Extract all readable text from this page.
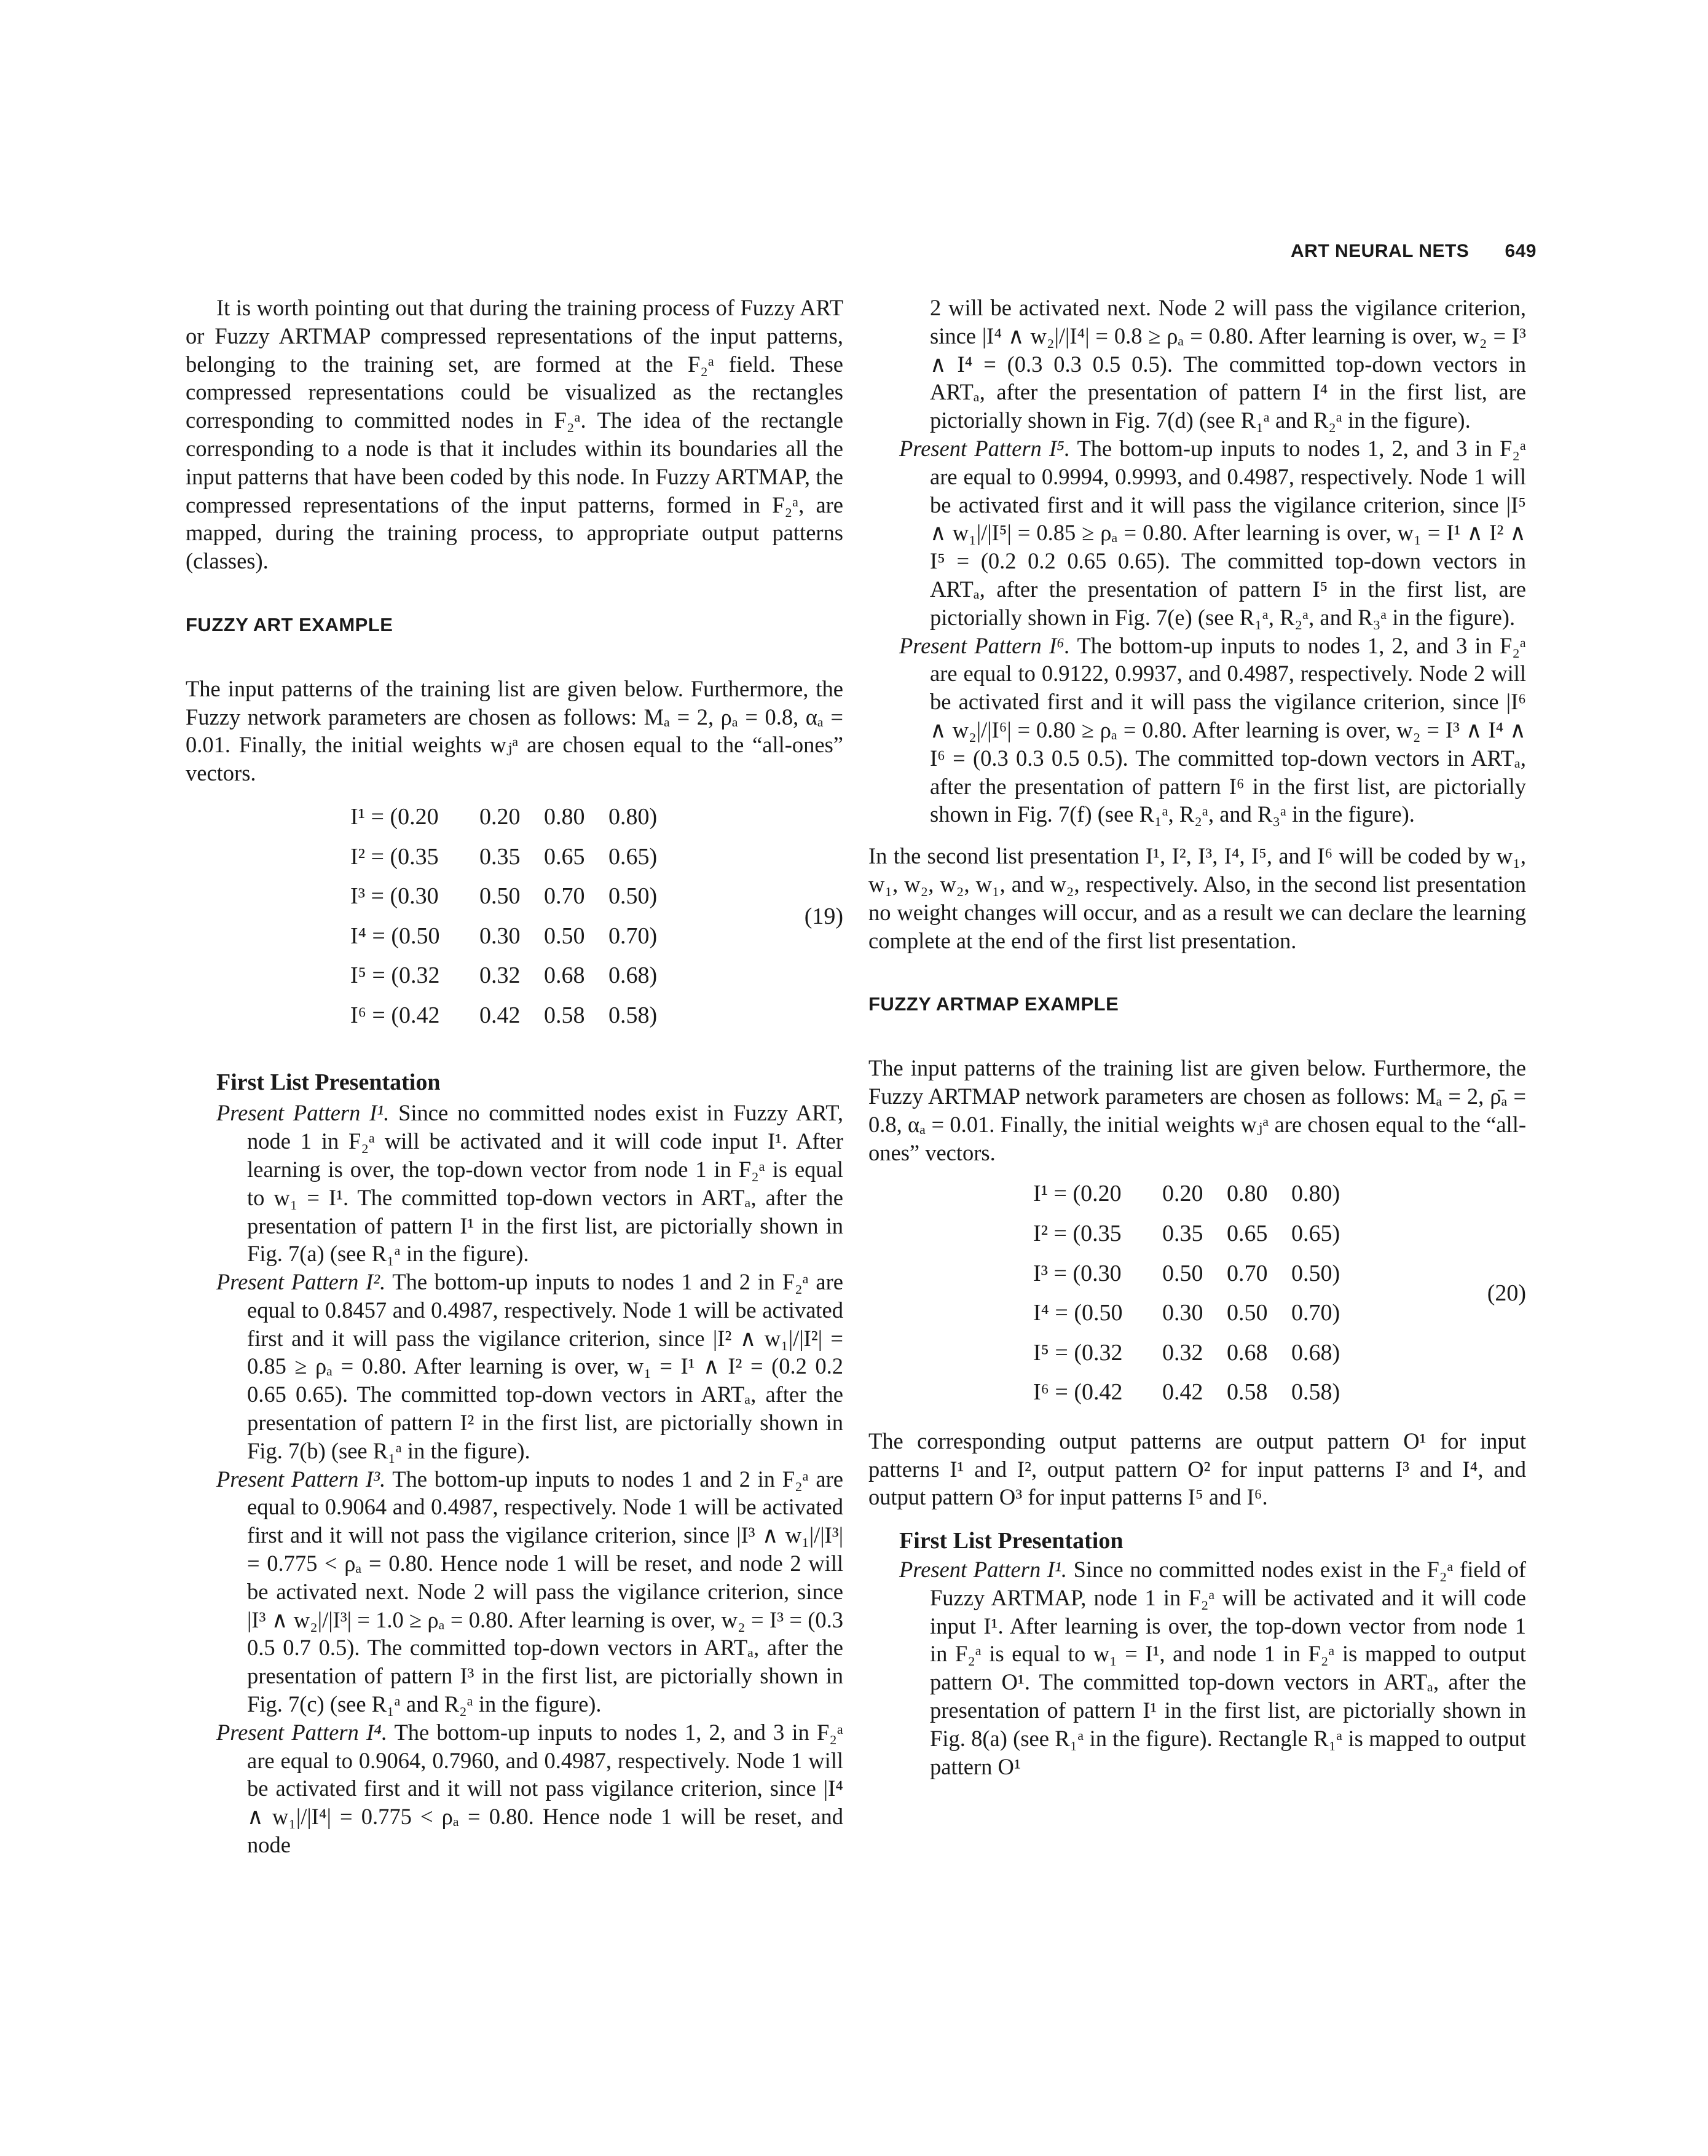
ART NEURAL NETS 649

It is worth pointing out that during the training process of Fuzzy ART or Fuzzy ARTMAP compressed representations of the input patterns, belonging to the training set, are formed at the F₂ᵃ field. These compressed representations could be visualized as the rectangles corresponding to committed nodes in F₂ᵃ. The idea of the rectangle corresponding to a node is that it includes within its boundaries all the input patterns that have been coded by this node. In Fuzzy ARTMAP, the compressed representations of the input patterns, formed in F₂ᵃ, are mapped, during the training process, to appropriate output patterns (classes).

FUZZY ART EXAMPLE

The input patterns of the training list are given below. Furthermore, the Fuzzy network parameters are chosen as follows: Mₐ = 2, ρₐ = 0.8, αₐ = 0.01. Finally, the initial weights wⱼᵃ are chosen equal to the “all-ones” vectors.

I¹ = (0.20 0.20 0.80 0.80)
I² = (0.35 0.35 0.65 0.65)
I³ = (0.30 0.50 0.70 0.50)
I⁴ = (0.50 0.30 0.50 0.70)
I⁵ = (0.32 0.32 0.68 0.68)
I⁶ = (0.42 0.42 0.58 0.58)
(19)
First List Presentation

Present Pattern I¹. Since no committed nodes exist in Fuzzy ART, node 1 in F₂ᵃ will be activated and it will code input I¹. After learning is over, the top-down vector from node 1 in F₂ᵃ is equal to w₁ = I¹. The committed top-down vectors in ARTₐ, after the presentation of pattern I¹ in the first list, are pictorially shown in Fig. 7(a) (see R₁ᵃ in the figure).

Present Pattern I². The bottom-up inputs to nodes 1 and 2 in F₂ᵃ are equal to 0.8457 and 0.4987, respectively. Node 1 will be activated first and it will pass the vigilance criterion, since |I² ∧ w₁|/|I²| = 0.85 ≥ ρₐ = 0.80. After learning is over, w₁ = I¹ ∧ I² = (0.2 0.2 0.65 0.65). The committed top-down vectors in ARTₐ, after the presentation of pattern I² in the first list, are pictorially shown in Fig. 7(b) (see R₁ᵃ in the figure).

Present Pattern I³. The bottom-up inputs to nodes 1 and 2 in F₂ᵃ are equal to 0.9064 and 0.4987, respectively. Node 1 will be activated first and it will not pass the vigilance criterion, since |I³ ∧ w₁|/|I³| = 0.775 < ρₐ = 0.80. Hence node 1 will be reset, and node 2 will be activated next. Node 2 will pass the vigilance criterion, since |I³ ∧ w₂|/|I³| = 1.0 ≥ ρₐ = 0.80. After learning is over, w₂ = I³ = (0.3 0.5 0.7 0.5). The committed top-down vectors in ARTₐ, after the presentation of pattern I³ in the first list, are pictorially shown in Fig. 7(c) (see R₁ᵃ and R₂ᵃ in the figure).

Present Pattern I⁴. The bottom-up inputs to nodes 1, 2, and 3 in F₂ᵃ are equal to 0.9064, 0.7960, and 0.4987, respectively. Node 1 will be activated first and it will not pass vigilance criterion, since |I⁴ ∧ w₁|/|I⁴| = 0.775 < ρₐ = 0.80. Hence node 1 will be reset, and node

2 will be activated next. Node 2 will pass the vigilance criterion, since |I⁴ ∧ w₂|/|I⁴| = 0.8 ≥ ρₐ = 0.80. After learning is over, w₂ = I³ ∧ I⁴ = (0.3 0.3 0.5 0.5). The committed top-down vectors in ARTₐ, after the presentation of pattern I⁴ in the first list, are pictorially shown in Fig. 7(d) (see R₁ᵃ and R₂ᵃ in the figure).

Present Pattern I⁵. The bottom-up inputs to nodes 1, 2, and 3 in F₂ᵃ are equal to 0.9994, 0.9993, and 0.4987, respectively. Node 1 will be activated first and it will pass the vigilance criterion, since |I⁵ ∧ w₁|/|I⁵| = 0.85 ≥ ρₐ = 0.80. After learning is over, w₁ = I¹ ∧ I² ∧ I⁵ = (0.2 0.2 0.65 0.65). The committed top-down vectors in ARTₐ, after the presentation of pattern I⁵ in the first list, are pictorially shown in Fig. 7(e) (see R₁ᵃ, R₂ᵃ, and R₃ᵃ in the figure).

Present Pattern I⁶. The bottom-up inputs to nodes 1, 2, and 3 in F₂ᵃ are equal to 0.9122, 0.9937, and 0.4987, respectively. Node 2 will be activated first and it will pass the vigilance criterion, since |I⁶ ∧ w₂|/|I⁶| = 0.80 ≥ ρₐ = 0.80. After learning is over, w₂ = I³ ∧ I⁴ ∧ I⁶ = (0.3 0.3 0.5 0.5). The committed top-down vectors in ARTₐ, after the presentation of pattern I⁶ in the first list, are pictorially shown in Fig. 7(f) (see R₁ᵃ, R₂ᵃ, and R₃ᵃ in the figure).

In the second list presentation I¹, I², I³, I⁴, I⁵, and I⁶ will be coded by w₁, w₁, w₂, w₂, w₁, and w₂, respectively. Also, in the second list presentation no weight changes will occur, and as a result we can declare the learning complete at the end of the first list presentation.

FUZZY ARTMAP EXAMPLE

The input patterns of the training list are given below. Furthermore, the Fuzzy ARTMAP network parameters are chosen as follows: Mₐ = 2, ρ̄ₐ = 0.8, αₐ = 0.01. Finally, the initial weights wⱼᵃ are chosen equal to the “all-ones” vectors.

I¹ = (0.20 0.20 0.80 0.80)
I² = (0.35 0.35 0.65 0.65)
I³ = (0.30 0.50 0.70 0.50)
I⁴ = (0.50 0.30 0.50 0.70)
I⁵ = (0.32 0.32 0.68 0.68)
I⁶ = (0.42 0.42 0.58 0.58)
(20)

The corresponding output patterns are output pattern O¹ for input patterns I¹ and I², output pattern O² for input patterns I³ and I⁴, and output pattern O³ for input patterns I⁵ and I⁶.

First List Presentation

Present Pattern I¹. Since no committed nodes exist in the F₂ᵃ field of Fuzzy ARTMAP, node 1 in F₂ᵃ will be activated and it will code input I¹. After learning is over, the top-down vector from node 1 in F₂ᵃ is equal to w₁ = I¹, and node 1 in F₂ᵃ is mapped to output pattern O¹. The committed top-down vectors in ARTₐ, after the presentation of pattern I¹ in the first list, are pictorially shown in Fig. 8(a) (see R₁ᵃ in the figure). Rectangle R₁ᵃ is mapped to output pattern O¹
